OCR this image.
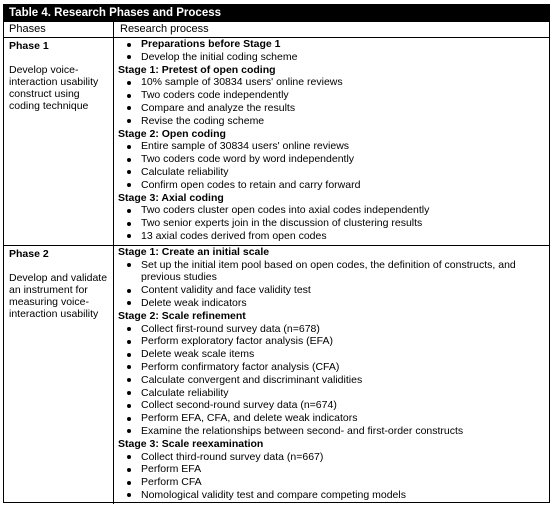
Table 4. Research Phases and Process
Phases	Research process
Phase 1
Develop voice-interaction usability construct using coding technique
Preparations before Stage 1
Develop the initial coding scheme
Stage 1: Pretest of open coding
10% sample of 30834 users' online reviews
Two coders code independently
Compare and analyze the results
Revise the coding scheme
Stage 2: Open coding
Entire sample of 30834 users' online reviews
Two coders code word by word independently
Calculate reliability
Confirm open codes to retain and carry forward
Stage 3: Axial coding
Two coders cluster open codes into axial codes independently
Two senior experts join in the discussion of clustering results
13 axial codes derived from open codes
Phase 2
Develop and validate an instrument for measuring voice-interaction usability
Stage 1: Create an initial scale
Set up the initial item pool based on open codes, the definition of constructs, and previous studies
Content validity and face validity test
Delete weak indicators
Stage 2: Scale refinement
Collect first-round survey data (n=678)
Perform exploratory factor analysis (EFA)
Delete weak scale items
Perform confirmatory factor analysis (CFA)
Calculate convergent and discriminant validities
Calculate reliability
Collect second-round survey data (n=674)
Perform EFA, CFA, and delete weak indicators
Examine the relationships between second- and first-order constructs
Stage 3: Scale reexamination
Collect third-round survey data (n=667)
Perform EFA
Perform CFA
Nomological validity test and compare competing models
